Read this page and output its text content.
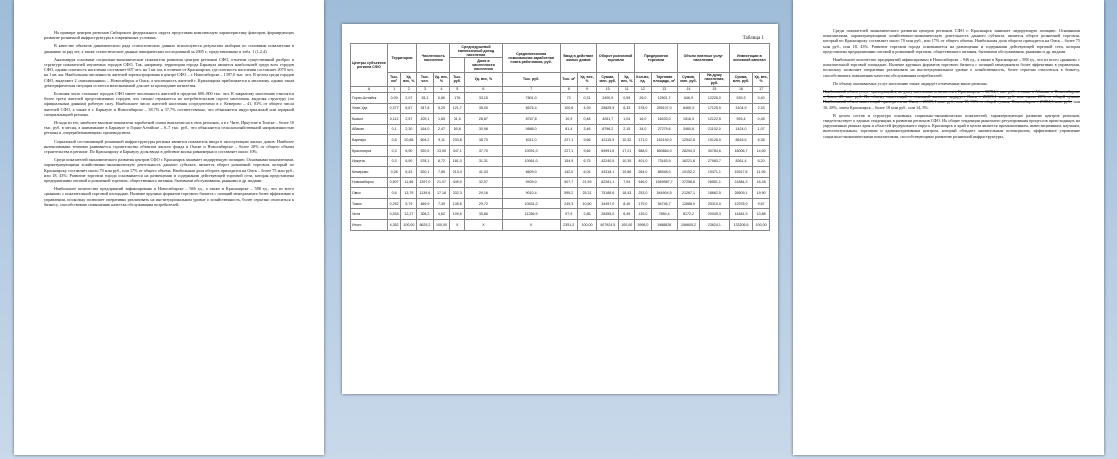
На примере центров регионов Сибирского федерального округа представим комплексную характеристику факторов, формирующих развитие розничной инфраструктуры в современных условиях.

В качестве объектов динамического ряда статистических данных используются результаты выборки по основным показателям в динамике за ряд лет, а также статистические данные эмпирических исследований за 2005 г., представленные в табл. 1 (1,2,4).

Анализируя основные социально-экономические показатели развития центров регионов СФО, отметим существенный разброс в структуре показателей изучаемых городов СФО. Так, например, территория города Барнаула является наибольшей среди всех городов СФО, однако плотность населения составляет 607 чел. на 1 кв. км, в отличие от Красноярска, где плотность населения составляет 2070 чел. на 1 кв. км. Наибольшая численность жителей зарегистрирована в центре СФО – г. Новосибирске – 1397,0 тыс. чел. В целом среди городов СФО, выделяют 2 «миллионника» – Новосибирск и Омск, а численность жителей г. Красноярска приближается к миллиону, однако такая демографическая ситуация остается малозначимой для нее за прошедшие пятилетия.

Большая часть стальных городов СФО имеет численность жителей в пределах 600–800 тыс. чел. К закрытому населению относятся более трети жителей представленных городов, что сильно отражается на потребительском спросе населения, выделяя структуру (по официальным данным) рабочую силу. Наибольшее число жителей населения сосредоточено в г. Кемерово – 41, 03% от общего числа жителей СФО, а также в г. Барнауле и Новосибирске – 38,7% и 37,7% соответственно, что объясняется индустриальной или аграрной специализацией региона.

Исходя из его, наиболее высокие показатели заработной платы выплатам на в этих регионах, а в г. Чите, Иркутске и Томске – более 10 тыс. руб. в месяц, а наименьшие в Барнауле и Горно-Алтайске – 6–7 тыс. руб., что объясняется сельскохозяйственной направленностью региона и «перерабатывающим» производством.

Социальной составляющей розничной инфраструктуры региона является показатель ввода в эксплуатацию жилых домов. Наиболее интенсивными темпами развивается строительство объектов жилого фонда в Омске и Новосибирске – более 20% от общего объема строительства в регионе. По Красноярску и Барнаулу доля ввода в действие жилья равномерна и составляет около 10%.

Среди показателей экономического развития центров СФО г. Красноярск занимает лидирующую позицию. Основными показателями, характеризующими хозяйственно-экономическую деятельность данного субъекта, является оборот розничной торговли, который по Красноярску составляет около 70 млн руб., или 17% от общего объема. Наибольшая доля оборота приходится на Омск – более 75 млн руб., или 18, 43%. Развитие торговли города основывается на размещении и содержании действующей торговой сети, которая представлена предприятиями оптовой и розничной торговли, общественного питания, бытовыми обслуживания, рынками и др. видами.

Наибольшее количество предприятий зафиксировано в Новосибирске – 946 ед., а также в Красноярске – 588 ед., что из всего «рынков» с показательной торговой площадью. Наличие крупных форматов торгового бизнеса с позиций менеджмента более эффективно в управлении, поскольку позволяет оперативно реализовать на институциональном уровне о хозяйственность, более серьезно относиться к бизнесу, способствовать повышению качества обслуживания потребителей.

Таблица 1
Центры субъектов региона СФО	Территория		Численность населения		Среднедушевой ежемесячный доход населения		Среднемесячная номинальная заработная плата работников, руб.	Ввод в действие жилых домов		Оборот розничной торговли		Предприятия торговли		Объем платных услуг населению		Инвестиции в основной капитал	
						Доля в численности населения											
	Тыс. км²	Уд. вес, %	Тыс. чел.	Уд. вес, %	Тыс. руб.	Уд. вес, %	Тыс. руб.	Тыс. м²	Уд. вес, %	Сумма, млн. руб.	Уд. вес, %	Кол-во, ед.	Торговая площадь, м²	Сумма, млн. руб.	На душу населения, руб.	Сумма, млн. руб.	Уд. вес, %
А	1	2	3	4	5	6	7	8	9	10	11	12	13	14	15	16	17
Горно-Алтайск	0,09	2,07	53,1	0,80	176	33,15	7801,0	72	0,31	2400,9	0,59	26,0	12501,7	646,9	12226,0	539,3	0,40
Улан-Удэ	0,377	6,67	347,8	5,25	121,7	35,00	8576,4	100,8	4,39	25825,9	6,33	378,0	259107,0	8460,3	17125,0	3104,9	2,33
Кызыл	0,112	2,57	109,1	1,65	31,5	28,87	8767,8	10,9	0,48	4261,7	1,04	16,0	16033,0	1516,3	12122,5	593,4	0,45
Абакан	0,1	2,30	164,0	2,47	50,8	30,98	9888,0	81,4	3,46	8796,2	2,15	34,0	27279,6	3460,8	21102,0	1424,0	1,07
Барнаул	0,8	20,68	604,2	9,11	233,8	38,70	6311,0	227,1	9,66	42115,9	10,32	171,0	162192,0	12542,8	19128,0	8616,5	6,36
Красноярск	0,3	6,90	920,9	13,90	347,1	37,70	10091,0	227,1	9,66	69991,6	17,21	588,0	650864,0	28294,3	30784,6	18006,7	14,50
Иркутск	0,3	6,90	578,1	8,72	181,0	31,31	10061,0	154,9	6,75	42240,5	10,35	401,0	73163,9	16221,8	27983,7	8261,4	6,20
Кемерово	0,28	6,43	520,1	7,85	213,4	41,03	8609,0	142,0	6,04	44318,1	10,86	264,0	85548,0	10152,2	19471,1	15917,6	11,95
Новосибирск	0,507	11,66	1397,0	21,07	449,0	32,07	9409,0	507,7	21,59	62281,1	7,94	946,0	1569987,7	37258,8	26551,1	21884,3	16,28
Омск	0,6	13,79	1139,6	17,18	332,3	29,16	9010,4	595,2	25,31	75188,6	18,43	253,0	544904,5	21267,1	18662,5	26509,1	19,90
Томск	0,252	5,79	489,9	7,39	145,6	29,72	10631,0	249,3	10,60	34497,0	8,49	179,0	54746,7	12888,9	25310,0	12978,9	9,67
Чита	0,534	12,27	306,2	4,62	109,6	35,66	11256,9	57,9	2,86	28455,0	6,49	139,0	7850,4	8172,2	20049,3	14481,3	10,88
Итого	4,352	100,00	6629,2	100,00	Х	Х	Х	2351,2	100,00	407924,5	100,00	3996,0	1988828	156605,2	23624,1	133206,6	100,00

Среди показателей экономического развития центров регионов СФО г. Красноярск занимает лидирующую позицию. Основными показателями, характеризующими хозяйственно-экономическую деятельность данного субъекта, является оборот розничной торговли, который по Красноярску составляет около 70 млн руб., или 17% от общего объема. Наибольшая доля оборота приходится на Омск – более 75 млн руб., или 18, 43%. Развитие торговли города основывается на размещении и содержании действующей торговой сети, которая представлена предприятиями оптовой и розничной торговли, общественного питания, бытовыми обслуживания, рынками и др. видами.

Наибольшее количество предприятий зафиксировано в Новосибирске – 946 ед., а также в Красноярске – 588 ед., что из всего «рынков» с показательной торговой площадью. Наличие крупных форматов торгового бизнеса с позиций менеджмента более эффективно в управлении, поскольку позволяет оперативно реализовать на институциональном уровне о хозяйственность, более серьезно относиться к бизнесу, способствовать повышению качества обслуживания потребителей.

По объему оказываемых услуг населению также лидирует отмеченные выше регионы.

Наибольший объем услуг, приходящийся на душу населения, отмечается в Красноярске – 30784,6 тыс. руб., а также в Абакане и Новосибирске – более 25 тыс. руб. По объему инвестиций в основной капитал лидирует Омск – 26509,1 млн руб. или около 20% от общей суммы. Наибольший объем инвестиций приходится на Омск – 26509,1 млн. руб., или 19, 90% от общей суммы, Новосибирск – 21884,3 млн. руб., или 16, 28%, затем Красноярск – более 18 млн руб., или 14, 5%.

В целом состав и структура основных социально-экономических показателей, характеризующих развитие центров регионов, свидетельствует о единых тенденциях в развитии регионов СФО. Их общие тенденции рыночного регулирования процессов происходящих на укрупненных рынках края и областей федерального округа. Красноярск и край в целом является промышленным, инвестиционным, научным, интеллектуальным, торговым и административным центром, который обладает значительным потенциалом, эффективное управление социально-экономическими показателями, способствующими развитию розничной инфраструктуры.
